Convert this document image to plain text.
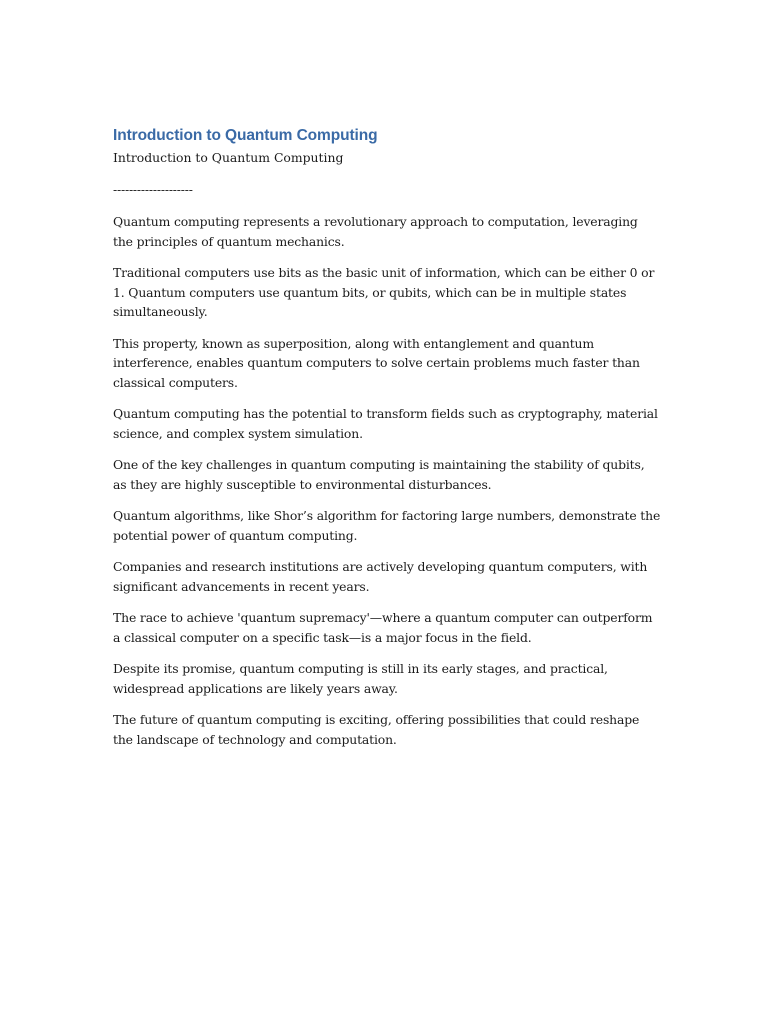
Introduction to Quantum Computing

Introduction to Quantum Computing

--------------------

Quantum computing represents a revolutionary approach to computation, leveraging the principles of quantum mechanics.

Traditional computers use bits as the basic unit of information, which can be either 0 or 1. Quantum computers use quantum bits, or qubits, which can be in multiple states simultaneously.

This property, known as superposition, along with entanglement and quantum interference, enables quantum computers to solve certain problems much faster than classical computers.

Quantum computing has the potential to transform fields such as cryptography, material science, and complex system simulation.

One of the key challenges in quantum computing is maintaining the stability of qubits, as they are highly susceptible to environmental disturbances.

Quantum algorithms, like Shor’s algorithm for factoring large numbers, demonstrate the potential power of quantum computing.

Companies and research institutions are actively developing quantum computers, with significant advancements in recent years.

The race to achieve 'quantum supremacy'—where a quantum computer can outperform a classical computer on a specific task—is a major focus in the field.

Despite its promise, quantum computing is still in its early stages, and practical, widespread applications are likely years away.

The future of quantum computing is exciting, offering possibilities that could reshape the landscape of technology and computation.
